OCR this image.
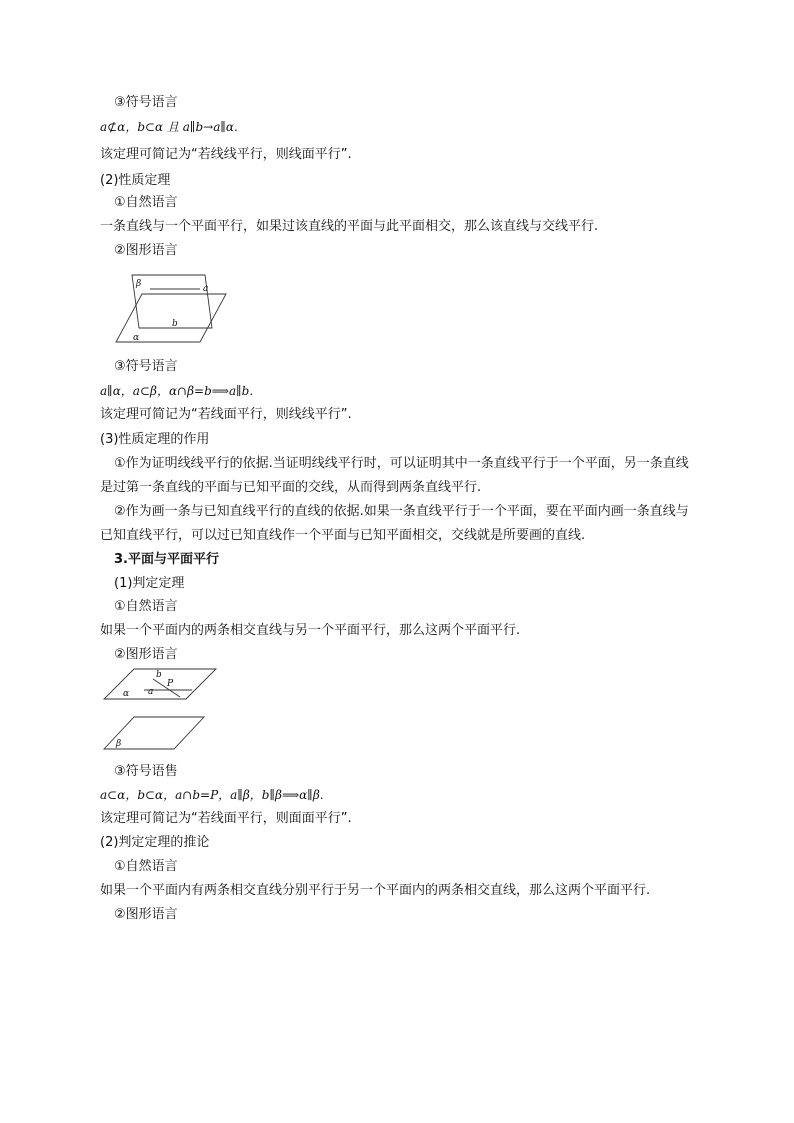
③符号语言
a⊄α，b⊂α 且 a∥b→a∥α.
该定理可简记为“若线线平行，则线面平行”.
(2)性质定理
①自然语言
一条直线与一个平面平行，如果过该直线的平面与此平面相交，那么该直线与交线平行.
②图形语言
β	a
b
α
③符号语言
a∥α，a⊂β，α∩β=b⟹a∥b.
该定理可简记为“若线面平行，则线线平行”.
(3)性质定理的作用
①作为证明线线平行的依据.当证明线线平行时，可以证明其中一条直线平行于一个平面，另一条直线
是过第一条直线的平面与已知平面的交线，从而得到两条直线平行.
②作为画一条与已知直线平行的直线的依据.如果一条直线平行于一个平面，要在平面内画一条直线与
已知直线平行，可以过已知直线作一个平面与已知平面相交，交线就是所要画的直线.
3.平面与平面平行
(1)判定定理
①自然语言
如果一个平面内的两条相交直线与另一个平面平行，那么这两个平面平行.
②图形语言
b
P
a
α
β
③符号语售
a⊂α，b⊂α，a∩b=P，a∥β，b∥β⟹α∥β.
该定理可简记为“若线面平行，则面面平行”.
(2)判定定理的推论
①自然语言
如果一个平面内有两条相交直线分别平行于另一个平面内的两条相交直线，那么这两个平面平行.
②图形语言
